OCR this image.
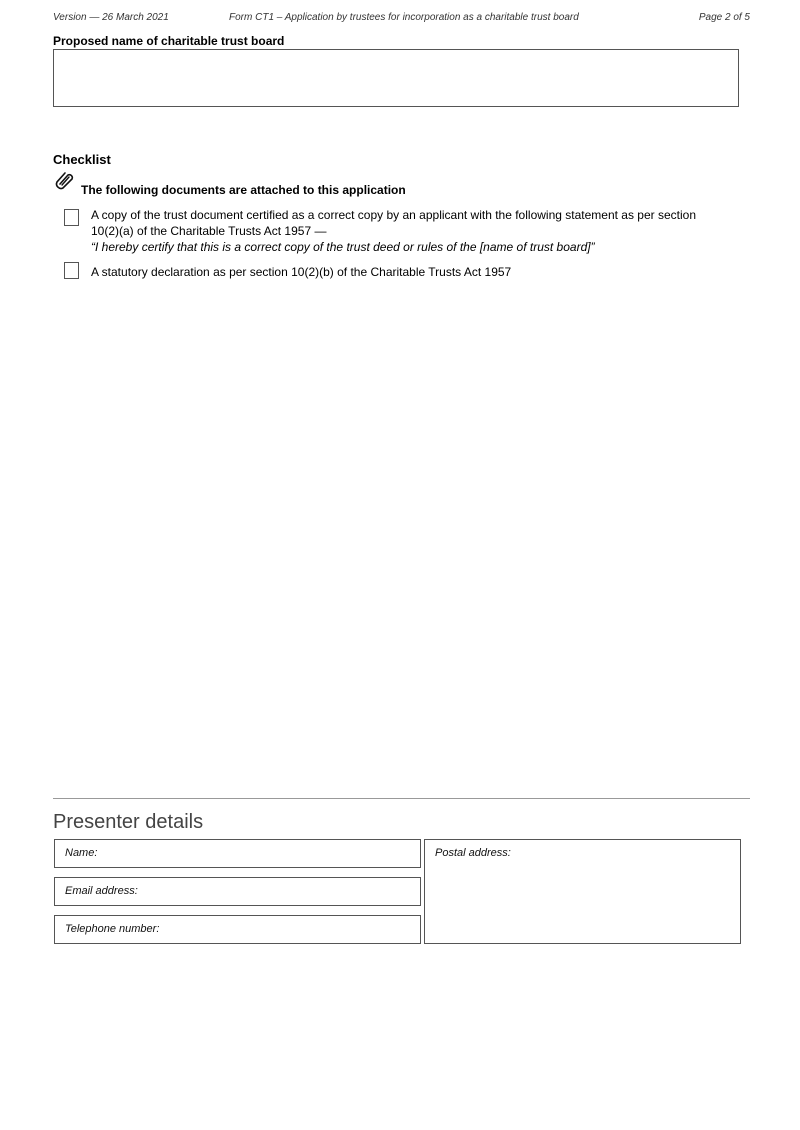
Version — 26 March 2021	Form CT1 – Application by trustees for incorporation as a charitable trust board	Page 2 of 5
Proposed name of charitable trust board
Checklist
The following documents are attached to this application
A copy of the trust document certified as a correct copy by an applicant with the following statement as per section
10(2)(a) of the Charitable Trusts Act 1957 —
“I hereby certify that this is a correct copy of the trust deed or rules of the [name of trust board]”
A statutory declaration as per section 10(2)(b) of the Charitable Trusts Act 1957
Presenter details
Name:
Email address:
Telephone number:
Postal address:
